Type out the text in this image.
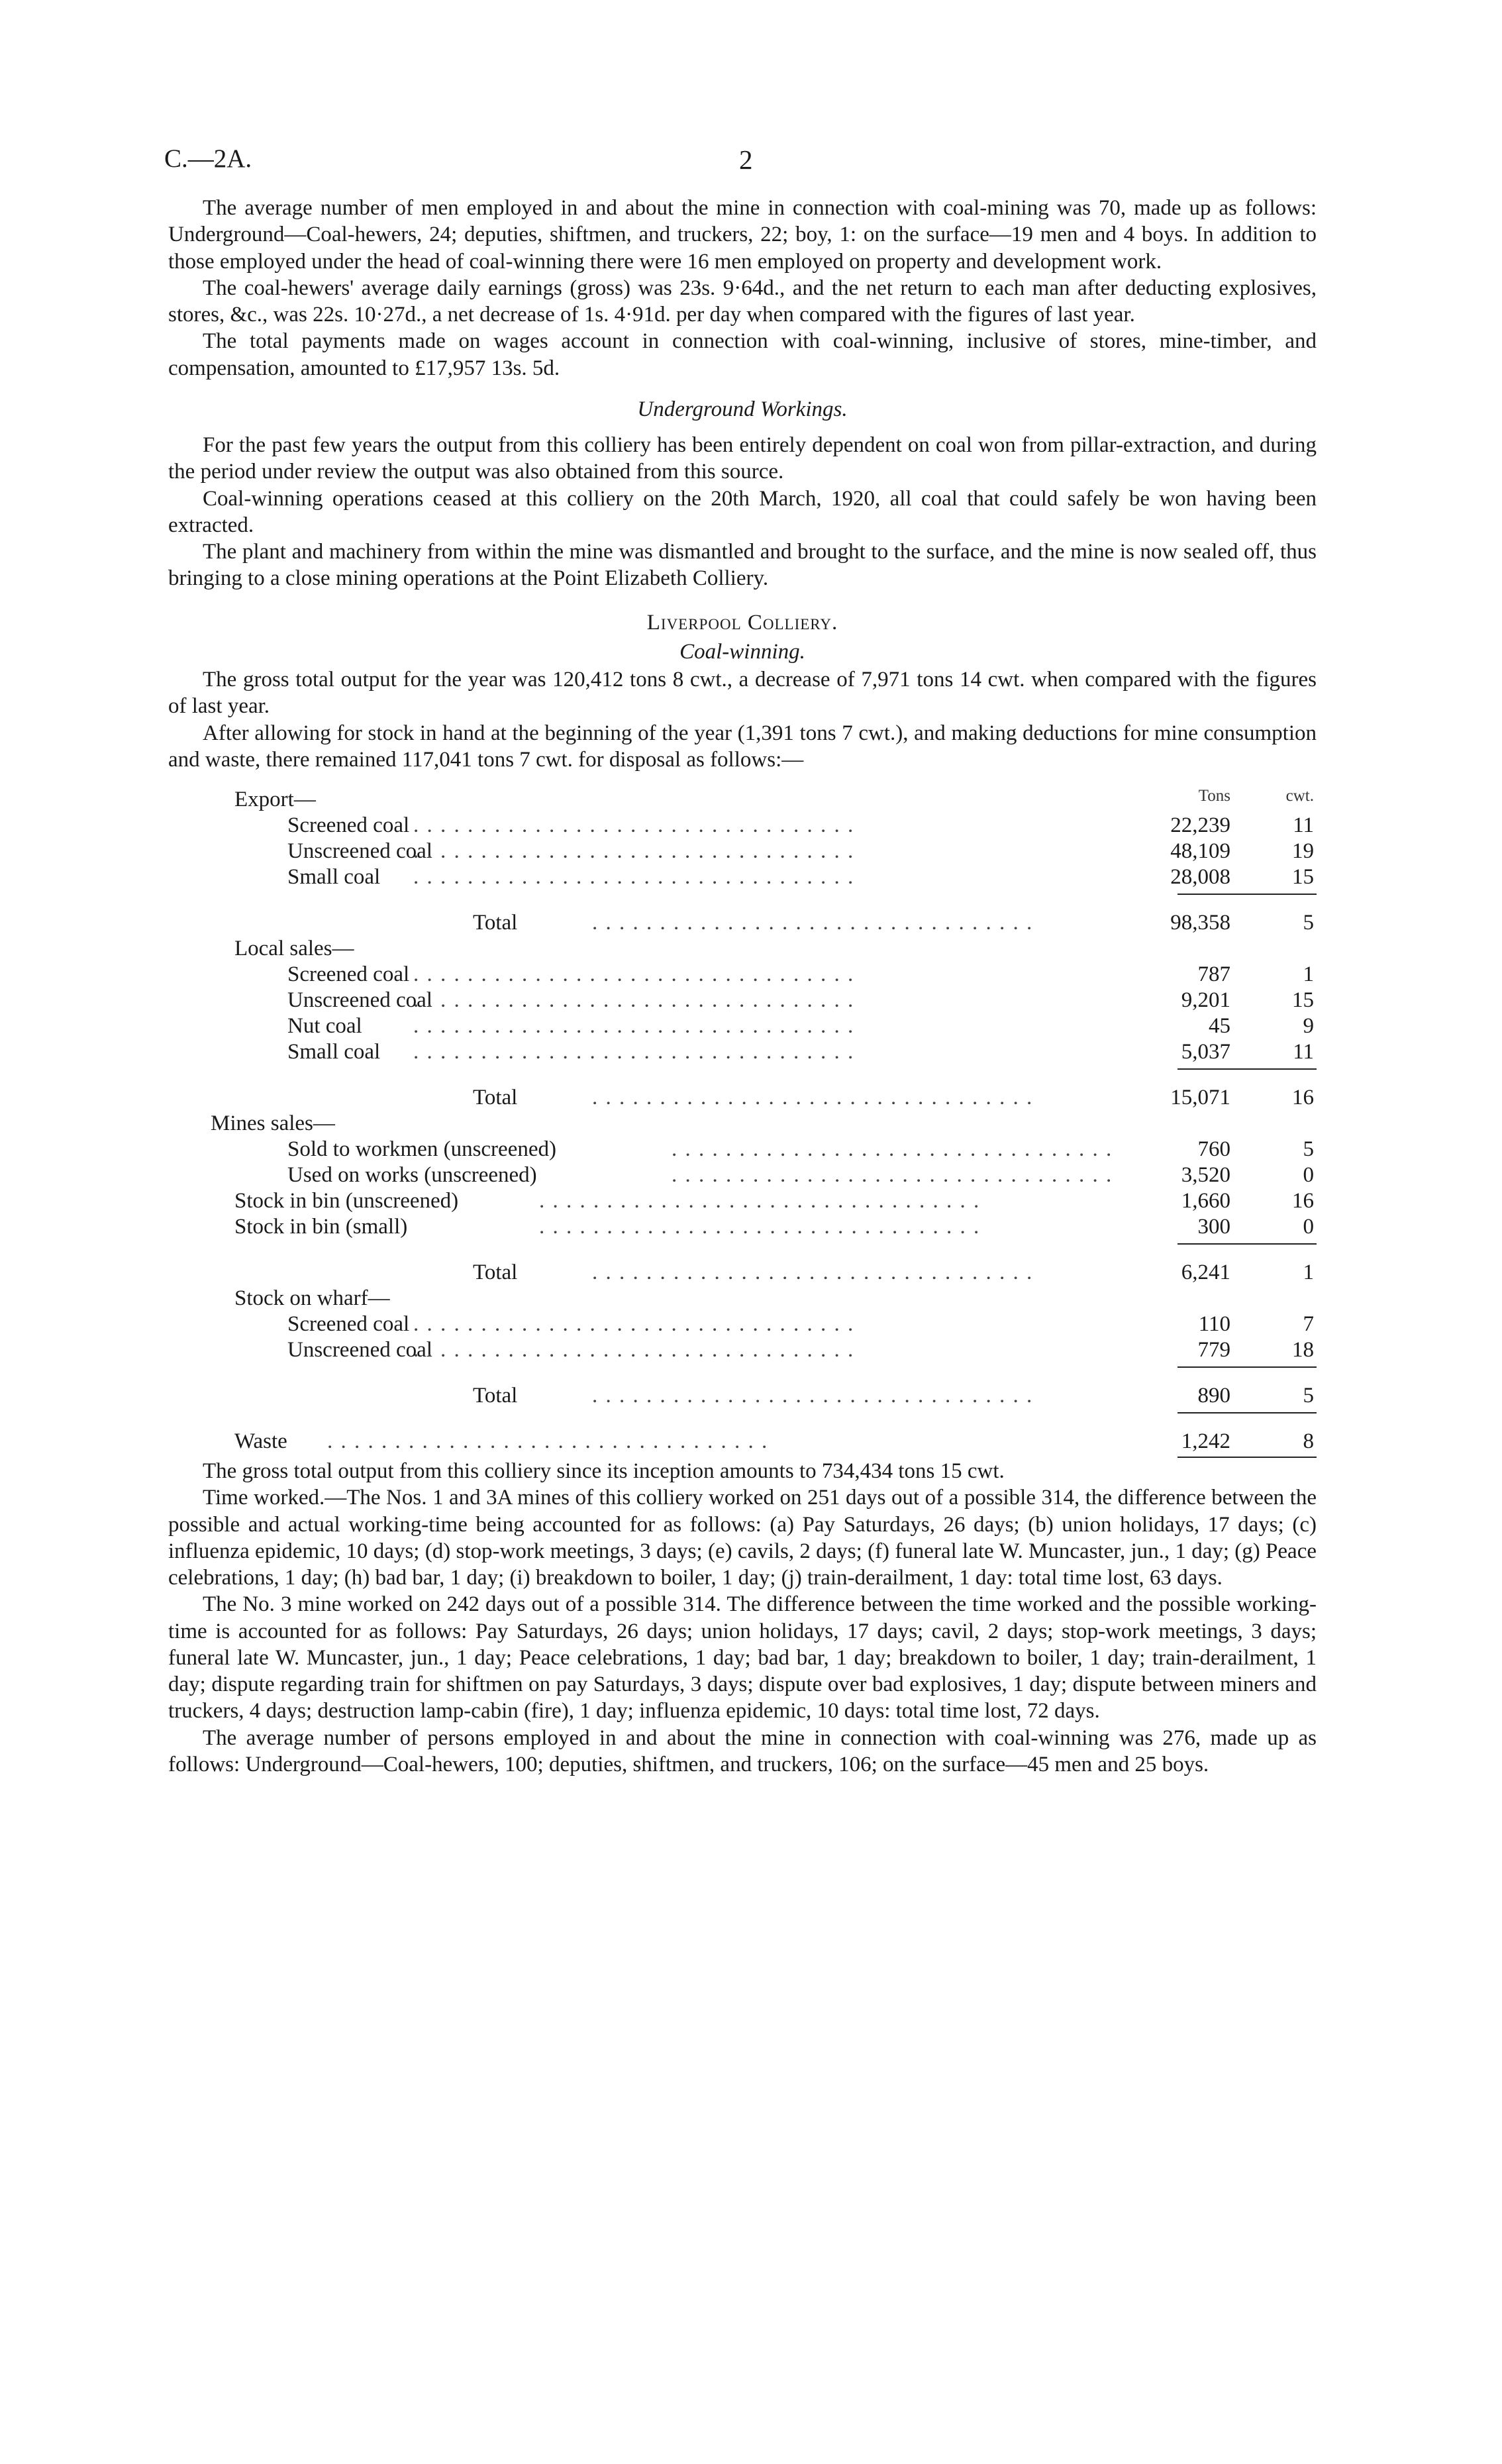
C.—2A.	2

The average number of men employed in and about the mine in connection with coal-mining was 70, made up as follows: Underground—Coal-hewers, 24; deputies, shiftmen, and truckers, 22; boy, 1: on the surface—19 men and 4 boys. In addition to those employed under the head of coal-winning there were 16 men employed on property and development work.

The coal-hewers' average daily earnings (gross) was 23s. 9·64d., and the net return to each man after deducting explosives, stores, &c., was 22s. 10·27d., a net decrease of 1s. 4·91d. per day when compared with the figures of last year.

The total payments made on wages account in connection with coal-winning, inclusive of stores, mine-timber, and compensation, amounted to £17,957 13s. 5d.

Underground Workings.

For the past few years the output from this colliery has been entirely dependent on coal won from pillar-extraction, and during the period under review the output was also obtained from this source.

Coal-winning operations ceased at this colliery on the 20th March, 1920, all coal that could safely be won having been extracted.

The plant and machinery from within the mine was dismantled and brought to the surface, and the mine is now sealed off, thus bringing to a close mining operations at the Point Elizabeth Colliery.

Liverpool Colliery.

Coal-winning.

The gross total output for the year was 120,412 tons 8 cwt., a decrease of 7,971 tons 14 cwt. when compared with the figures of last year.

After allowing for stock in hand at the beginning of the year (1,391 tons 7 cwt.), and making deductions for mine consumption and waste, there remained 117,041 tons 7 cwt. for disposal as follows:—

Export—	Tons	cwt.
Screened coal . . . . . . . . . . . . . . . . . . . . . . . . . . . . . . . . .	22,239	11
Unscreened coal
. . . . . . . . . . . . . . . . . . . . . . . . . . . . . . . . .	48,109	19
Small coal . . . . . . . . . . . . . . . . . . . . . . . . . . . . . . . . .	28,008	15
Total	. . . . . . . . . . . . . . . . . . . . . . . . . . . . . . . . .	98,358	5
Local sales—
Screened coal . . . . . . . . . . . . . . . . . . . . . . . . . . . . . . . . .	787	1
Unscreened coal
. . . . . . . . . . . . . . . . . . . . . . . . . . . . . . . . .	9,201	15
Nut coal . . . . . . . . . . . . . . . . . . . . . . . . . . . . . . . . .	45	9
Small coal . . . . . . . . . . . . . . . . . . . . . . . . . . . . . . . . .	5,037	11
Total	. . . . . . . . . . . . . . . . . . . . . . . . . . . . . . . . .	15,071	16
Mines sales—
Sold to workmen (unscreened)	. . . . . . . . . . . . . . . . . . . . . . . . . . . . . . . . .	760	5
Used on works (unscreened)	. . . . . . . . . . . . . . . . . . . . . . . . . . . . . . . . .	3,520	0
Stock in bin (unscreened)	. . . . . . . . . . . . . . . . . . . . . . . . . . . . . . . . .	1,660	16
Stock in bin (small)	. . . . . . . . . . . . . . . . . . . . . . . . . . . . . . . . .	300	0
Total	. . . . . . . . . . . . . . . . . . . . . . . . . . . . . . . . .	6,241	1
Stock on wharf—
Screened coal . . . . . . . . . . . . . . . . . . . . . . . . . . . . . . . . .	110	7
Unscreened coal
. . . . . . . . . . . . . . . . . . . . . . . . . . . . . . . . .	779	18
Total	. . . . . . . . . . . . . . . . . . . . . . . . . . . . . . . . .	890	5
Waste . . . . . . . . . . . . . . . . . . . . . . . . . . . . . . . . .	1,242	8

The gross total output from this colliery since its inception amounts to 734,434 tons 15 cwt.

Time worked.—The Nos. 1 and 3A mines of this colliery worked on 251 days out of a possible 314, the difference between the possible and actual working-time being accounted for as follows: (a) Pay Saturdays, 26 days; (b) union holidays, 17 days; (c) influenza epidemic, 10 days; (d) stop-work meetings, 3 days; (e) cavils, 2 days; (f) funeral late W. Muncaster, jun., 1 day; (g) Peace celebrations, 1 day; (h) bad bar, 1 day; (i) breakdown to boiler, 1 day; (j) train-derailment, 1 day: total time lost, 63 days.

The No. 3 mine worked on 242 days out of a possible 314. The difference between the time worked and the possible working-time is accounted for as follows: Pay Saturdays, 26 days; union holidays, 17 days; cavil, 2 days; stop-work meetings, 3 days; funeral late W. Muncaster, jun., 1 day; Peace celebrations, 1 day; bad bar, 1 day; breakdown to boiler, 1 day; train-derailment, 1 day; dispute regarding train for shiftmen on pay Saturdays, 3 days; dispute over bad explosives, 1 day; dispute between miners and truckers, 4 days; destruction lamp-cabin (fire), 1 day; influenza epidemic, 10 days: total time lost, 72 days.

The average number of persons employed in and about the mine in connection with coal-winning was 276, made up as follows: Underground—Coal-hewers, 100; deputies, shiftmen, and truckers, 106; on the surface—45 men and 25 boys.
